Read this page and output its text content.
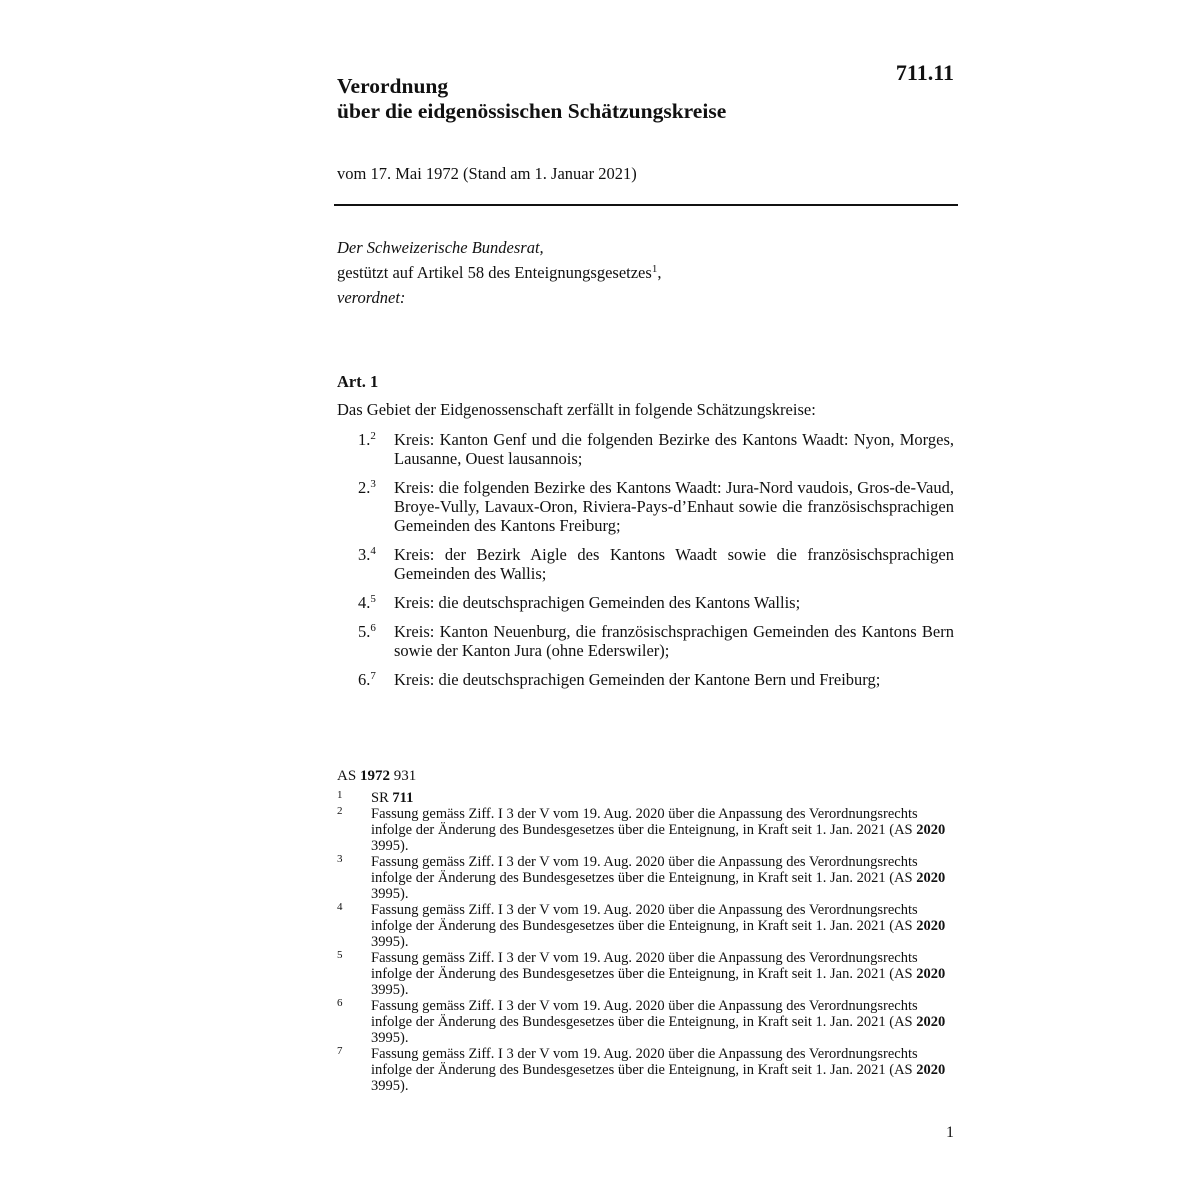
711.11
Verordnung
über die eidgenössischen Schätzungskreise
vom 17. Mai 1972 (Stand am 1. Januar 2021)
Der Schweizerische Bundesrat,
gestützt auf Artikel 58 des Enteignungsgesetzes$^1$,
verordnet:
Art. 1
Das Gebiet der Eidgenossenschaft zerfällt in folgende Schätzungskreise:
1.$^2$ Kreis: Kanton Genf und die folgenden Bezirke des Kantons Waadt: Nyon, Morges, Lausanne, Ouest lausannois;
2.$^3$ Kreis: die folgenden Bezirke des Kantons Waadt: Jura-Nord vaudois, Gros-de-Vaud, Broye-Vully, Lavaux-Oron, Riviera-Pays-d’Enhaut sowie die französischsprachigen Gemeinden des Kantons Freiburg;
3.$^4$ Kreis: der Bezirk Aigle des Kantons Waadt sowie die französischsprachigen Gemeinden des Wallis;
4.$^5$ Kreis: die deutschsprachigen Gemeinden des Kantons Wallis;
5.$^6$ Kreis: Kanton Neuenburg, die französischsprachigen Gemeinden des Kantons Bern sowie der Kanton Jura (ohne Ederswiler);
6.$^7$ Kreis: die deutschsprachigen Gemeinden der Kantone Bern und Freiburg;
AS 1972 931
1 SR 711
2 Fassung gemäss Ziff. I 3 der V vom 19. Aug. 2020 über die Anpassung des Verordnungsrechts infolge der Änderung des Bundesgesetzes über die Enteignung, in Kraft seit 1. Jan. 2021 (AS 2020 3995).
3 Fassung gemäss Ziff. I 3 der V vom 19. Aug. 2020 über die Anpassung des Verordnungsrechts infolge der Änderung des Bundesgesetzes über die Enteignung, in Kraft seit 1. Jan. 2021 (AS 2020 3995).
4 Fassung gemäss Ziff. I 3 der V vom 19. Aug. 2020 über die Anpassung des Verordnungsrechts infolge der Änderung des Bundesgesetzes über die Enteignung, in Kraft seit 1. Jan. 2021 (AS 2020 3995).
5 Fassung gemäss Ziff. I 3 der V vom 19. Aug. 2020 über die Anpassung des Verordnungsrechts infolge der Änderung des Bundesgesetzes über die Enteignung, in Kraft seit 1. Jan. 2021 (AS 2020 3995).
6 Fassung gemäss Ziff. I 3 der V vom 19. Aug. 2020 über die Anpassung des Verordnungsrechts infolge der Änderung des Bundesgesetzes über die Enteignung, in Kraft seit 1. Jan. 2021 (AS 2020 3995).
7 Fassung gemäss Ziff. I 3 der V vom 19. Aug. 2020 über die Anpassung des Verordnungsrechts infolge der Änderung des Bundesgesetzes über die Enteignung, in Kraft seit 1. Jan. 2021 (AS 2020 3995).
1
